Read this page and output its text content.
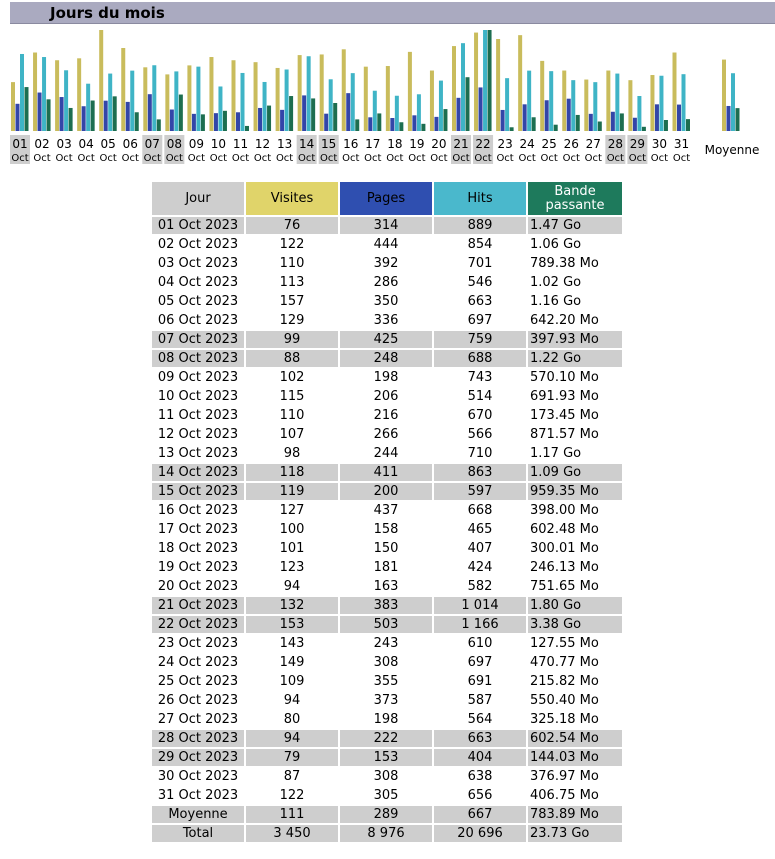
Jours du mois
01
Oct
02
Oct
03
Oct
04
Oct
05
Oct
06
Oct
07
Oct
08
Oct
09
Oct
10
Oct
11
Oct
12
Oct
13
Oct
14
Oct
15
Oct
16
Oct
17
Oct
18
Oct
19
Oct
20
Oct
21
Oct
22
Oct
23
Oct
24
Oct
25
Oct
26
Oct
27
Oct
28
Oct
29
Oct
30
Oct
31
Oct
Moyenne
Jour	Visites	Pages	Hits	Bande passante
01 Oct 2023	76	314	889	1.47 Go
02 Oct 2023	122	444	854	1.06 Go
03 Oct 2023	110	392	701	789.38 Mo
04 Oct 2023	113	286	546	1.02 Go
05 Oct 2023	157	350	663	1.16 Go
06 Oct 2023	129	336	697	642.20 Mo
07 Oct 2023	99	425	759	397.93 Mo
08 Oct 2023	88	248	688	1.22 Go
09 Oct 2023	102	198	743	570.10 Mo
10 Oct 2023	115	206	514	691.93 Mo
11 Oct 2023	110	216	670	173.45 Mo
12 Oct 2023	107	266	566	871.57 Mo
13 Oct 2023	98	244	710	1.17 Go
14 Oct 2023	118	411	863	1.09 Go
15 Oct 2023	119	200	597	959.35 Mo
16 Oct 2023	127	437	668	398.00 Mo
17 Oct 2023	100	158	465	602.48 Mo
18 Oct 2023	101	150	407	300.01 Mo
19 Oct 2023	123	181	424	246.13 Mo
20 Oct 2023	94	163	582	751.65 Mo
21 Oct 2023	132	383	1 014	1.80 Go
22 Oct 2023	153	503	1 166	3.38 Go
23 Oct 2023	143	243	610	127.55 Mo
24 Oct 2023	149	308	697	470.77 Mo
25 Oct 2023	109	355	691	215.82 Mo
26 Oct 2023	94	373	587	550.40 Mo
27 Oct 2023	80	198	564	325.18 Mo
28 Oct 2023	94	222	663	602.54 Mo
29 Oct 2023	79	153	404	144.03 Mo
30 Oct 2023	87	308	638	376.97 Mo
31 Oct 2023	122	305	656	406.75 Mo
Moyenne	111	289	667	783.89 Mo
Total	3 450	8 976	20 696	23.73 Go
